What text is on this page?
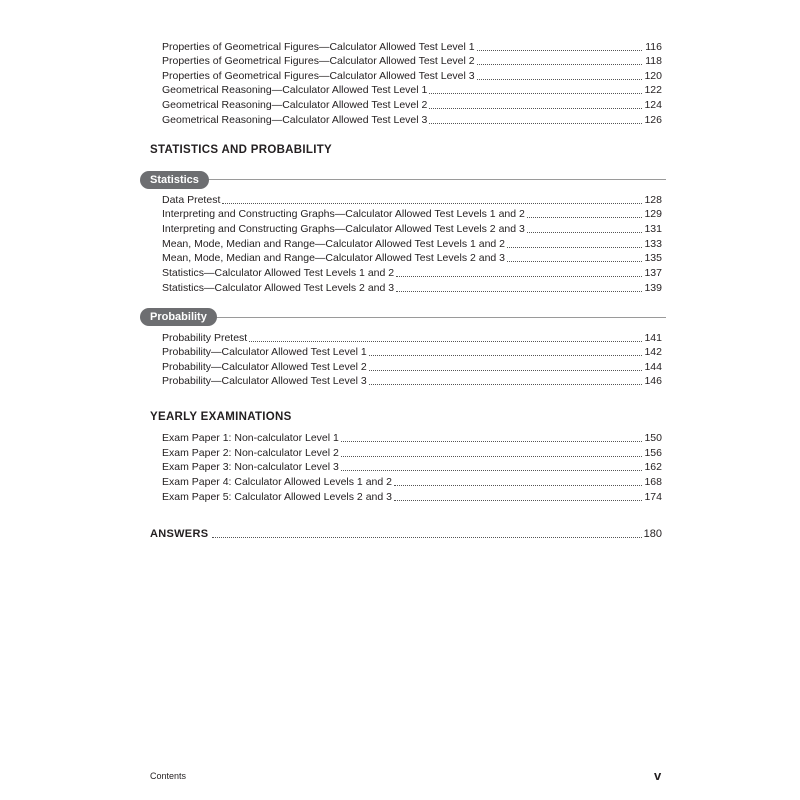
Properties of Geometrical Figures—Calculator Allowed Test Level 1	116
Properties of Geometrical Figures—Calculator Allowed Test Level 2	118
Properties of Geometrical Figures—Calculator Allowed Test Level 3	120
Geometrical Reasoning—Calculator Allowed Test Level 1	122
Geometrical Reasoning—Calculator Allowed Test Level 2	124
Geometrical Reasoning—Calculator Allowed Test Level 3	126
STATISTICS AND PROBABILITY
Statistics
Data Pretest	128
Interpreting and Constructing Graphs—Calculator Allowed Test Levels 1 and 2	129
Interpreting and Constructing Graphs—Calculator Allowed Test Levels 2 and 3	131
Mean, Mode, Median and Range—Calculator Allowed Test Levels 1 and 2	133
Mean, Mode, Median and Range—Calculator Allowed Test Levels 2 and 3	135
Statistics—Calculator Allowed Test Levels 1 and 2	137
Statistics—Calculator Allowed Test Levels 2 and 3	139
Probability
Probability Pretest	141
Probability—Calculator Allowed Test Level 1	142
Probability—Calculator Allowed Test Level 2	144
Probability—Calculator Allowed Test Level 3	146
YEARLY EXAMINATIONS
Exam Paper 1: Non-calculator Level 1	150
Exam Paper 2: Non-calculator Level 2	156
Exam Paper 3: Non-calculator Level 3	162
Exam Paper 4: Calculator Allowed Levels 1 and 2	168
Exam Paper 5: Calculator Allowed Levels 2 and 3	174
ANSWERS	180
Contents	v
